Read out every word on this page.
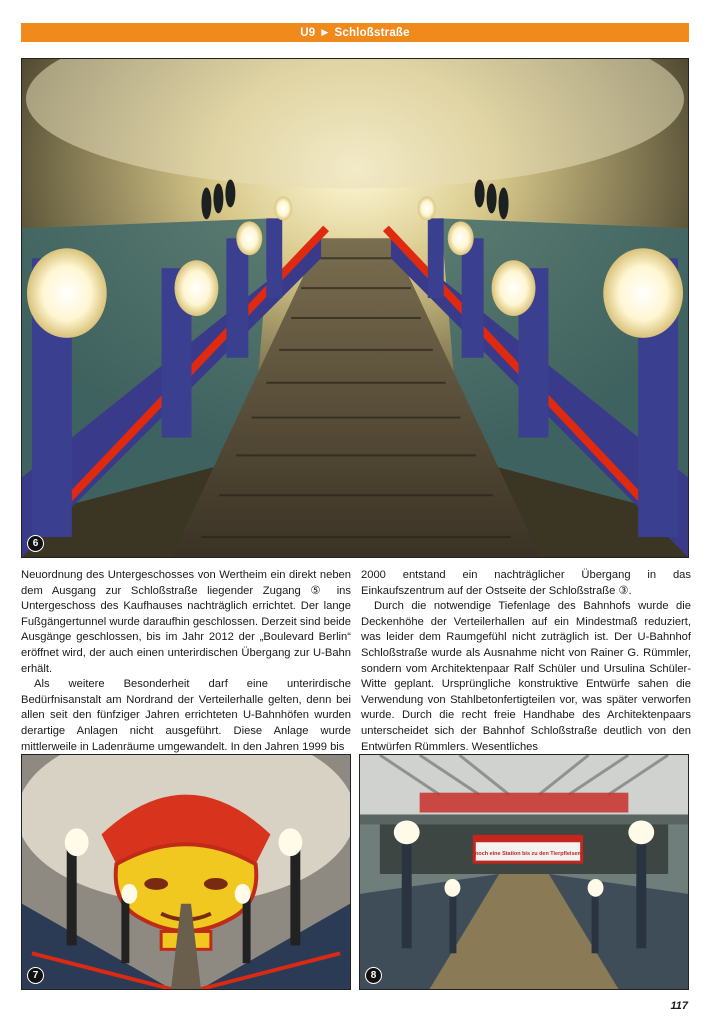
U9 ▶ Schloßstraße
6

Neuordnung des Untergeschosses von Wertheim ein direkt neben dem Ausgang zur Schloßstraße liegender Zugang ⑤ ins Untergeschoss des Kaufhauses nachträglich errichtet. Der lange Fußgängertunnel wurde daraufhin geschlossen. Derzeit sind beide Ausgänge geschlossen, bis im Jahr 2012 der „Boulevard Berlin“ eröffnet wird, der auch einen unterirdischen Übergang zur U-Bahn erhält.

Als weitere Besonderheit darf eine unterirdische Bedürfnisanstalt am Nordrand der Verteilerhalle gelten, denn bei allen seit den fünfziger Jahren errichteten U-Bahnhöfen wurden derartige Anlagen nicht ausgeführt. Diese Anlage wurde mittlerweile in Ladenräume umgewandelt. In den Jahren 1999 bis

2000 entstand ein nachträglicher Übergang in das Einkaufszentrum auf der Ostseite der Schloßstraße ③.

Durch die notwendige Tiefenlage des Bahnhofs wurde die Deckenhöhe der Verteilerhallen auf ein Mindestmaß reduziert, was leider dem Raumgefühl nicht zuträglich ist. Der U-Bahnhof Schloßstraße wurde als Ausnahme nicht von Rainer G. Rümmler, sondern vom Architektenpaar Ralf Schüler und Ursulina Schüler-Witte geplant. Ursprüngliche konstruktive Entwürfe sahen die Verwendung von Stahlbetonfertigteilen vor, was später verworfen wurde. Durch die recht freie Handhabe des Architektenpaars unterscheidet sich der Bahnhof Schloßstraße deutlich von den Entwürfen Rümmlers. Wesentliches

7
...noch eine Station bis zu den Tierpfleisen...
8
117
